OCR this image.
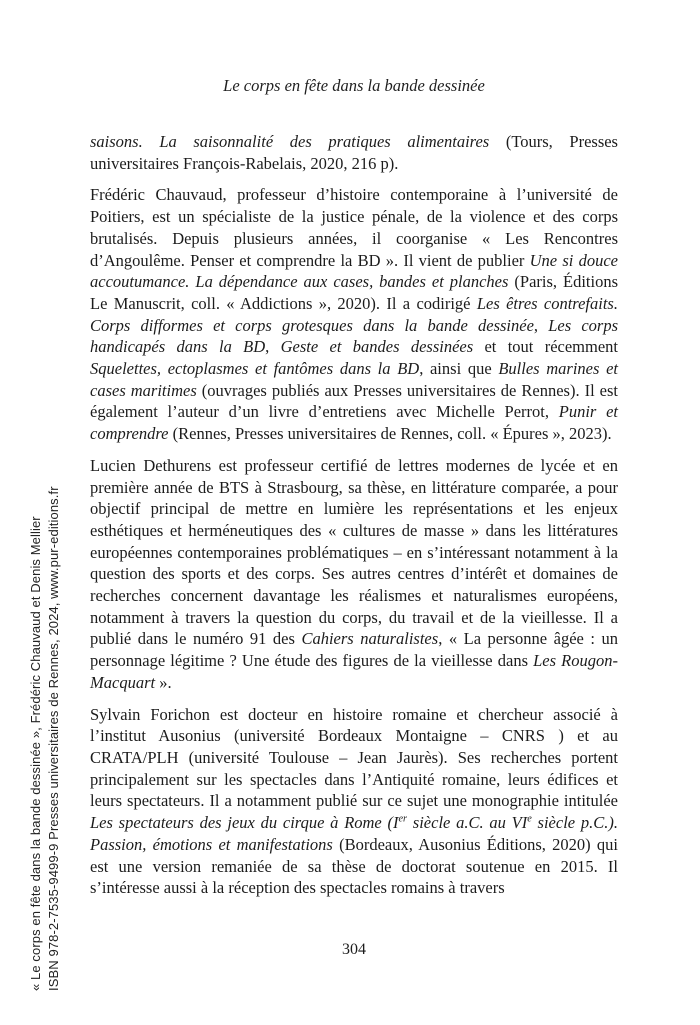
« Le corps en fête dans la bande dessinée », Frédéric Chauvaud et Denis Mellier ISBN 978-2-7535-9499-9 Presses universitaires de Rennes, 2024, www.pur-editions.fr
Le corps en fête dans la bande dessinée

saisons. La saisonnalité des pratiques alimentaires (Tours, Presses universitaires François-Rabelais, 2020, 216 p).

Frédéric Chauvaud, professeur d’histoire contemporaine à l’université de Poitiers, est un spécialiste de la justice pénale, de la violence et des corps brutalisés. Depuis plusieurs années, il coorganise « Les Rencontres d’Angoulême. Penser et comprendre la BD ». Il vient de publier Une si douce accoutumance. La dépendance aux cases, bandes et planches (Paris, Éditions Le Manuscrit, coll. « Addictions », 2020). Il a codirigé Les êtres contrefaits. Corps difformes et corps grotesques dans la bande dessinée, Les corps handicapés dans la BD, Geste et bandes dessinées et tout récemment Squelettes, ectoplasmes et fantômes dans la BD, ainsi que Bulles marines et cases maritimes (ouvrages publiés aux Presses universitaires de Rennes). Il est également l’auteur d’un livre d’entretiens avec Michelle Perrot, Punir et comprendre (Rennes, Presses universitaires de Rennes, coll. « Épures », 2023).

Lucien Dethurens est professeur certifié de lettres modernes de lycée et en première année de BTS à Strasbourg, sa thèse, en littérature comparée, a pour objectif principal de mettre en lumière les représentations et les enjeux esthétiques et herméneutiques des « cultures de masse » dans les littératures européennes contemporaines problématiques – en s’intéressant notamment à la question des sports et des corps. Ses autres centres d’intérêt et domaines de recherches concernent davantage les réalismes et naturalismes européens, notamment à travers la question du corps, du travail et de la vieillesse. Il a publié dans le numéro 91 des Cahiers naturalistes, « La personne âgée : un personnage légitime ? Une étude des figures de la vieillesse dans Les Rougon-Macquart ».

Sylvain Forichon est docteur en histoire romaine et chercheur associé à l’institut Ausonius (université Bordeaux Montaigne – CNRS ) et au CRATA/PLH (université Toulouse – Jean Jaurès). Ses recherches portent principalement sur les spectacles dans l’Antiquité romaine, leurs édifices et leurs spectateurs. Il a notamment publié sur ce sujet une monographie intitulée Les spectateurs des jeux du cirque à Rome (Ier siècle a.C. au VIe siècle p.C.). Passion, émotions et manifestations (Bordeaux, Ausonius Éditions, 2020) qui est une version remaniée de sa thèse de doctorat soutenue en 2015. Il s’intéresse aussi à la réception des spectacles romains à travers

304
